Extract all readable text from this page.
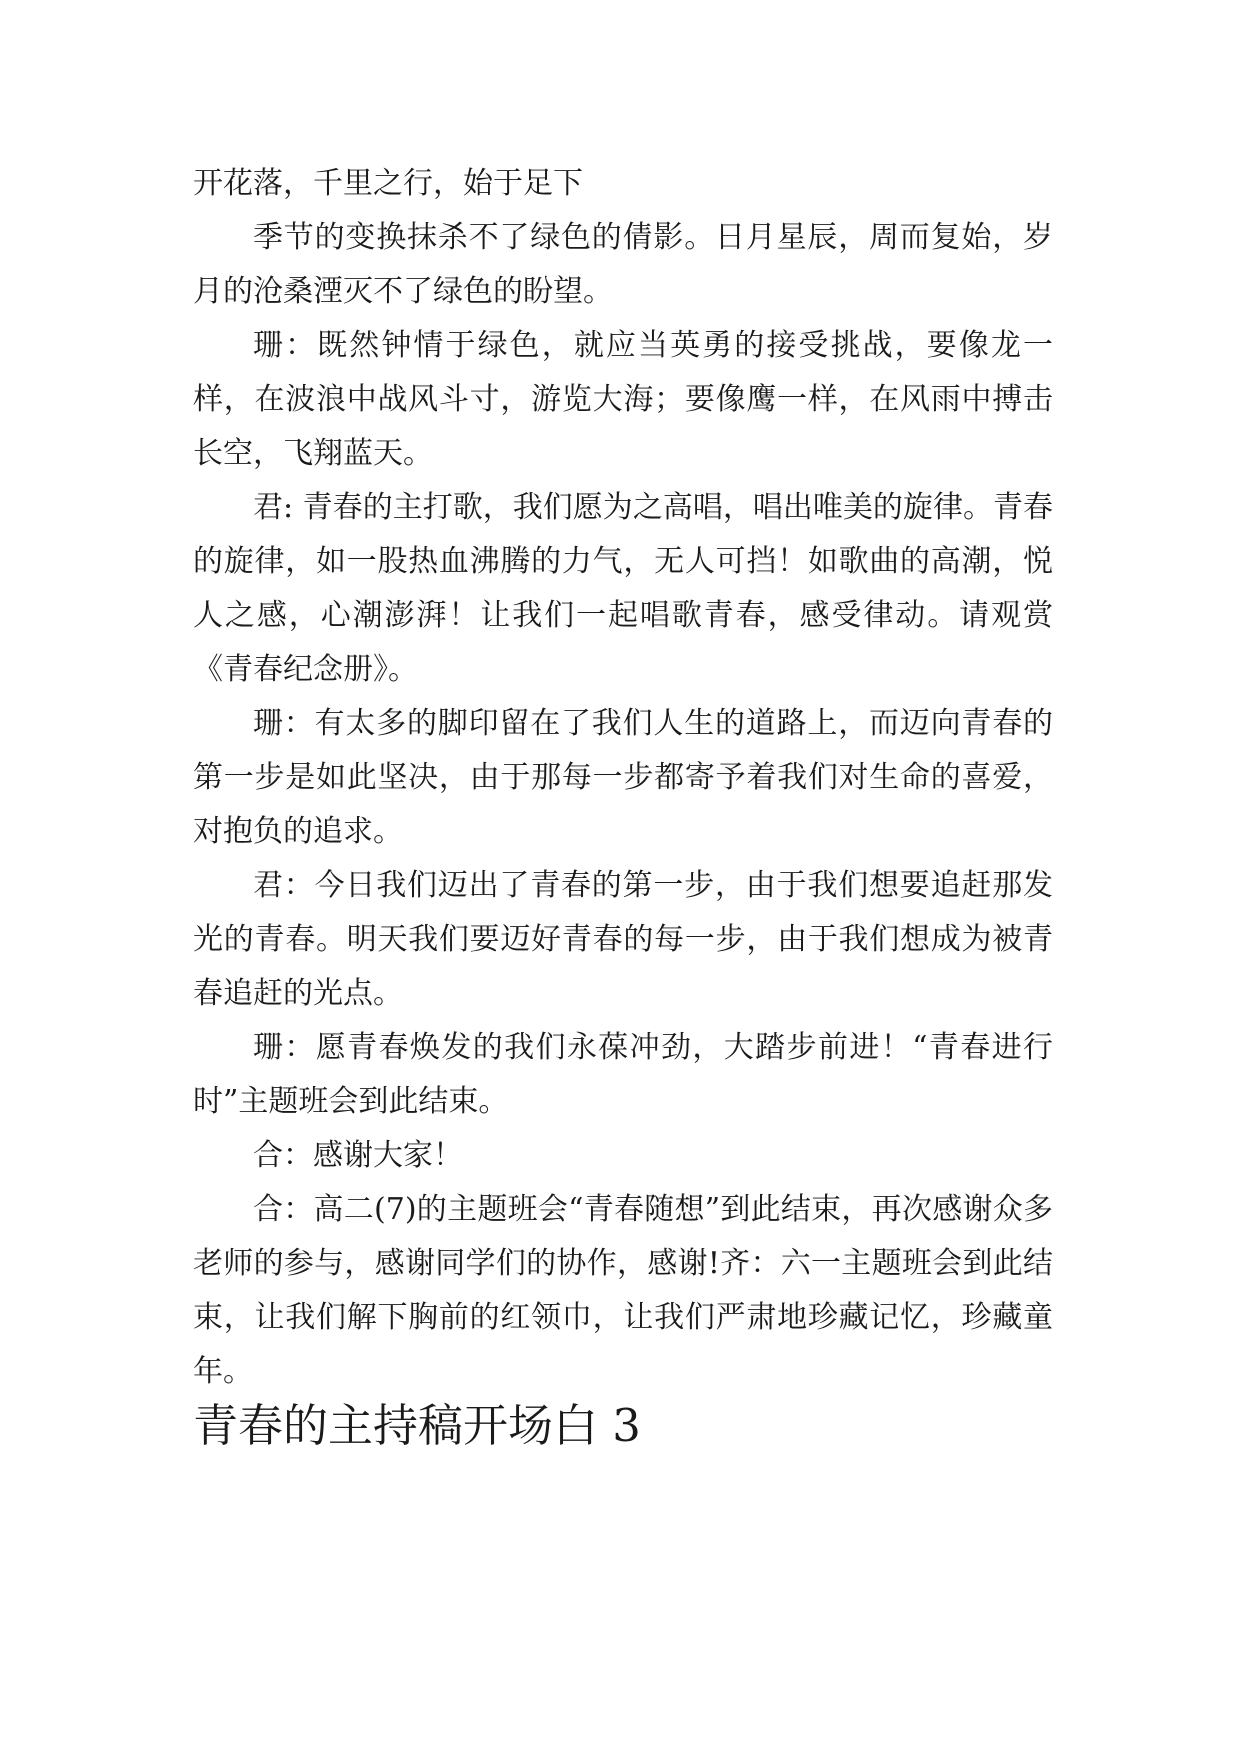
开花落，千里之行，始于足下

季节的变换抹杀不了绿色的倩影。日月星辰，周而复始，岁月的沧桑湮灭不了绿色的盼望。

珊：既然钟情于绿色，就应当英勇的接受挑战，要像龙一样，在波浪中战风斗寸，游览大海；要像鹰一样，在风雨中搏击长空，飞翔蓝天。

君: 青春的主打歌，我们愿为之高唱，唱出唯美的旋律。青春的旋律，如一股热血沸腾的力气，无人可挡！如歌曲的高潮，悦人之感，心潮澎湃！让我们一起唱歌青春，感受律动。请观赏《青春纪念册》。

珊：有太多的脚印留在了我们人生的道路上，而迈向青春的第一步是如此坚决，由于那每一步都寄予着我们对生命的喜爱，对抱负的追求。

君：今日我们迈出了青春的第一步，由于我们想要追赶那发光的青春。明天我们要迈好青春的每一步，由于我们想成为被青春追赶的光点。

珊：愿青春焕发的我们永葆冲劲，大踏步前进！“青春进行时”主题班会到此结束。

合：感谢大家！

合：高二(7)的主题班会“青春随想”到此结束，再次感谢众多老师的参与，感谢同学们的协作，感谢!齐：六一主题班会到此结束，让我们解下胸前的红领巾，让我们严肃地珍藏记忆，珍藏童年。

青春的主持稿开场白 3
